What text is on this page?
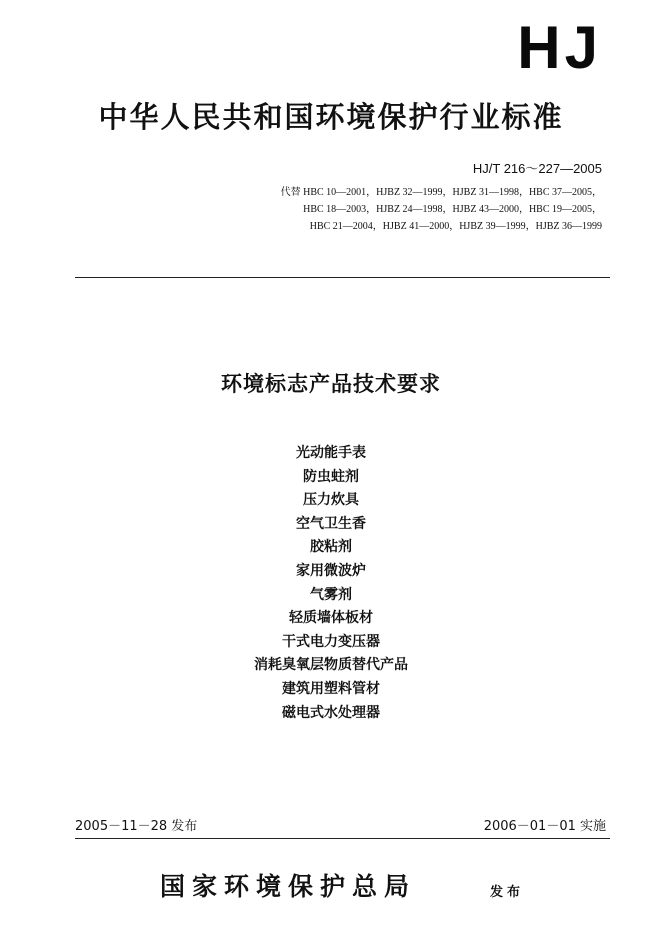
HJ
中华人民共和国环境保护行业标准
HJ/T 216～227—2005
代替 HBC 10—2001，HJBZ 32—1999，HJBZ 31—1998，HBC 37—2005，
HBC 18—2003，HJBZ 24—1998，HJBZ 43—2000，HBC 19—2005，
HBC 21—2004，HJBZ 41—2000，HJBZ 39—1999，HJBZ 36—1999
环境标志产品技术要求
光动能手表
防虫蛀剂
压力炊具
空气卫生香
胶粘剂
家用微波炉
气雾剂
轻质墙体板材
干式电力变压器
消耗臭氧层物质替代产品
建筑用塑料管材
磁电式水处理器
2005－11－28 发布	2006－01－01 实施
国家环境保护总局	发布
